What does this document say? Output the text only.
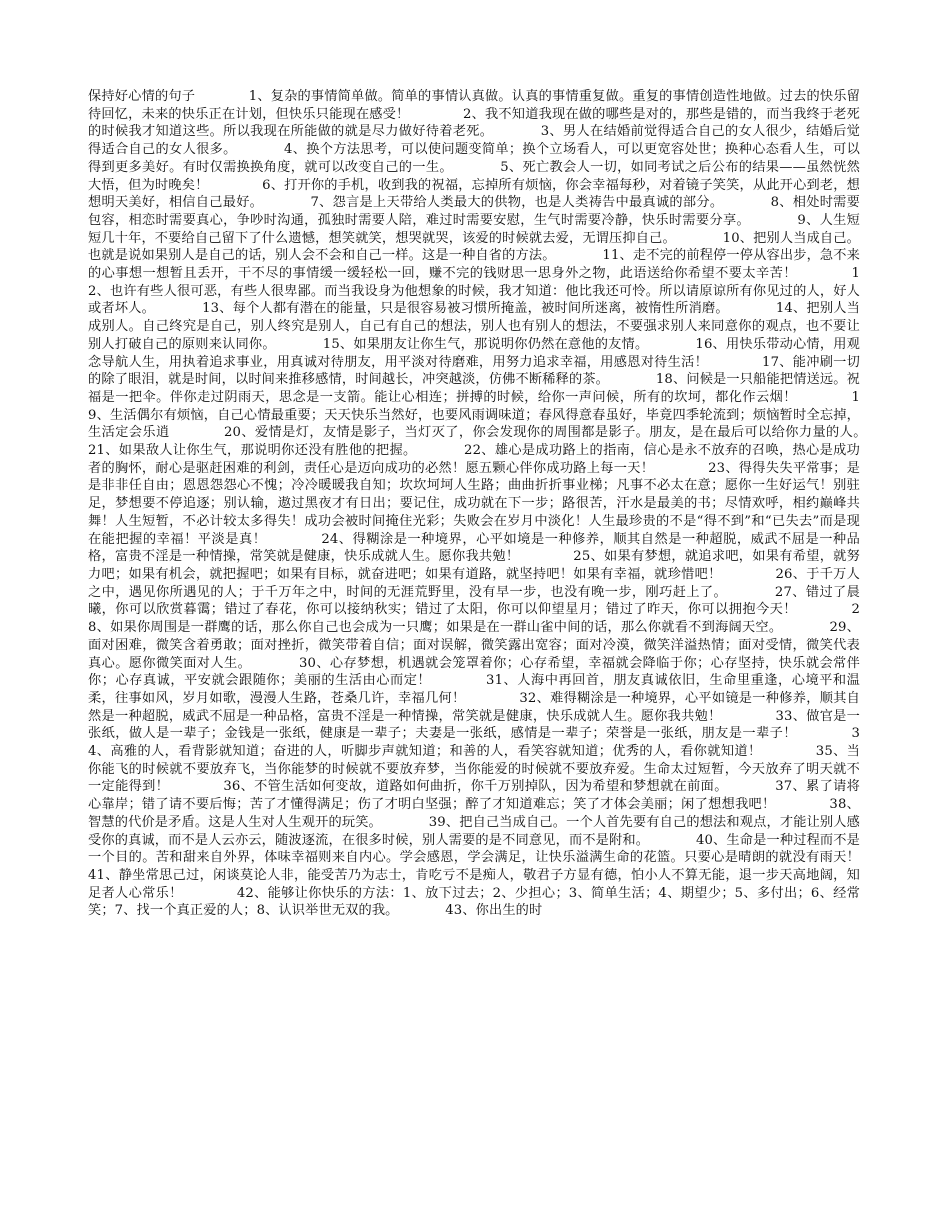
保持好心情的句子　　　　1、复杂的事情简单做。简单的事情认真做。认真的事情重复做。重复的事情创造性地做。过去的快乐留待回忆，未来的快乐正在计划，但快乐只能现在感受！　　　　2、我不知道我现在做的哪些是对的，那些是错的，而当我终于老死的时候我才知道这些。所以我现在所能做的就是尽力做好待着老死。　　　　3、男人在结婚前觉得适合自己的女人很少，结婚后觉得适合自己的女人很多。　　　　4、换个方法思考，可以使问题变简单；换个立场看人，可以更宽容处世；换种心态看人生，可以得到更多美好。有时仅需换换角度，就可以改变自己的一生。　　　　5、死亡教会人一切，如同考试之后公布的结果——虽然恍然大悟，但为时晚矣！　　　　6、打开你的手机，收到我的祝福，忘掉所有烦恼，你会幸福每秒，对着镜子笑笑，从此开心到老，想想明天美好，相信自己最好。　　　　7、怨言是上天带给人类最大的供物，也是人类祷告中最真诚的部分。　　　　8、相处时需要包容，相恋时需要真心，争吵时沟通，孤独时需要人陪，难过时需要安慰，生气时需要冷静，快乐时需要分享。　　　　9、人生短短几十年，不要给自己留下了什么遗憾，想笑就笑，想哭就哭，该爱的时候就去爱，无谓压抑自己。　　　　10、把别人当成自己。也就是说如果别人是自己的话，别人会不会和自己一样。这是一种自省的方法。　　　　11、走不完的前程停一停从容出步，急不来的心事想一想暂且丢开，干不尽的事情缓一缓轻松一回，赚不完的钱财思一思身外之物，此语送给你希望不要太辛苦！　　　　12、也许有些人很可恶，有些人很卑鄙。而当我设身为他想象的时候，我才知道：他比我还可怜。所以请原谅所有你见过的人，好人或者坏人。　　　　13、每个人都有潜在的能量，只是很容易被习惯所掩盖，被时间所迷离，被惰性所消磨。　　　　14、把别人当成别人。自己终究是自己，别人终究是别人，自己有自己的想法，别人也有别人的想法，不要强求别人来同意你的观点，也不要让别人打破自己的原则来认同你。　　　　15、如果朋友让你生气，那说明你仍然在意他的友情。　　　　16、用快乐带动心情，用观念导航人生，用执着追求事业，用真诚对待朋友，用平淡对待磨难，用努力追求幸福，用感恩对待生活！　　　　17、能冲刷一切的除了眼泪，就是时间，以时间来推移感情，时间越长，冲突越淡，仿佛不断稀释的茶。　　　　18、问候是一只船能把情送远。祝福是一把伞。伴你走过阴雨天，思念是一支箭。能让心相连；拼搏的时候，给你一声问候，所有的坎坷，都化作云烟！　　　　19、生活偶尔有烦恼，自己心情最重要；天天快乐当然好，也要风雨调味道；春风得意春虽好，毕竟四季轮流到；烦恼暂时全忘掉，生活定会乐逍　　　　20、爱情是灯，友情是影子，当灯灭了，你会发现你的周围都是影子。朋友，是在最后可以给你力量的人。　　　　21、如果敌人让你生气，那说明你还没有胜他的把握。　　　　22、雄心是成功路上的指南，信心是永不放弃的召唤，热心是成功者的胸怀，耐心是驱赶困难的利剑，责任心是迈向成功的必然！愿五颗心伴你成功路上每一天！　　　　23、得得失失平常事；是是非非任自由；恩恩怨怨心不愧；冷冷暖暖我自知；坎坎坷坷人生路；曲曲折折事业梯；凡事不必太在意；愿你一生好运气！别驻足，梦想要不停追逐；别认输，遨过黑夜才有日出；要记住，成功就在下一步；路很苦，汗水是最美的书；尽情欢呼，相约巅峰共舞！人生短暂，不必计较太多得失！成功会被时间掩住光彩；失败会在岁月中淡化！人生最珍贵的不是“得不到”和“已失去”而是现在能把握的幸福！平淡是真！　　　　24、得糊涂是一种境界，心平如境是一种修养，顺其自然是一种超脱，威武不屈是一种品格，富贵不淫是一种情操，常笑就是健康，快乐成就人生。愿你我共勉！　　　　25、如果有梦想，就追求吧，如果有希望，就努力吧；如果有机会，就把握吧；如果有目标，就奋进吧；如果有道路，就坚持吧！如果有幸福，就珍惜吧！　　　　26、于千万人之中，遇见你所遇见的人；于千万年之中，时间的无涯荒野里，没有早一步，也没有晚一步，刚巧赶上了。　　　　27、错过了晨曦，你可以欣赏暮霭；错过了春花，你可以接纳秋实；错过了太阳，你可以仰望星月；错过了昨天，你可以拥抱今天！　　　　28、如果你周围是一群鹰的话，那么你自己也会成为一只鹰；如果是在一群山雀中间的话，那么你就看不到海阔天空。　　　　29、面对困难，微笑含着勇敢；面对挫折，微笑带着自信；面对误解，微笑露出宽容；面对冷漠，微笑洋溢热情；面对受情，微笑代表真心。愿你微笑面对人生。　　　　30、心存梦想，机遇就会笼罩着你；心存希望，幸福就会降临于你；心存坚持，快乐就会常伴你；心存真诚，平安就会跟随你；美丽的生活由心而定！　　　　31、人海中再回首，朋友真诚依旧，生命里重逢，心境平和温柔，往事如风，岁月如歌，漫漫人生路，苍桑几许，幸福几何！　　　　32、难得糊涂是一种境界，心平如镜是一种修养，顺其自然是一种超脱，威武不屈是一种品格，富贵不淫是一种情操，常笑就是健康，快乐成就人生。愿你我共勉！　　　　33、做官是一张纸，做人是一辈子；金钱是一张纸，健康是一辈子；夫妻是一张纸，感情是一辈子；荣誉是一张纸，朋友是一辈子！　　　　34、高雅的人，看背影就知道；奋进的人，听脚步声就知道；和善的人，看笑容就知道；优秀的人，看你就知道！　　　　35、当你能飞的时候就不要放弃飞，当你能梦的时候就不要放弃梦，当你能爱的时候就不要放弃爱。生命太过短暂，今天放弃了明天就不一定能得到！　　　　36、不管生活如何变故，道路如何曲折，你千万别掉队，因为希望和梦想就在前面。　　　　37、累了请将心靠岸；错了请不要后悔；苦了才懂得满足；伤了才明白坚强；醉了才知道难忘；笑了才体会美丽；闲了想想我吧！　　　　38、智慧的代价是矛盾。这是人生对人生观开的玩笑。　　　　39、把自己当成自己。一个人首先要有自己的想法和观点，才能让别人感受你的真诚，而不是人云亦云，随波逐流，在很多时候，别人需要的是不同意见，而不是附和。　　　　40、生命是一种过程而不是一个目的。苦和甜来自外界，体味幸福则来自内心。学会感恩，学会满足，让快乐溢满生命的花篮。只要心是晴朗的就没有雨天！　　　　41、静坐常思己过，闲谈莫论人非，能受苦乃为志士，肯吃亏不是痴人，敬君子方显有德，怕小人不算无能，退一步天高地阔，知足者人心常乐！　　　　42、能够让你快乐的方法：1、放下过去；2、少担心；3、简单生活；4、期望少；5、多付出；6、经常笑；7、找一个真正爱的人；8、认识举世无双的我。　　　　43、你出生的时
